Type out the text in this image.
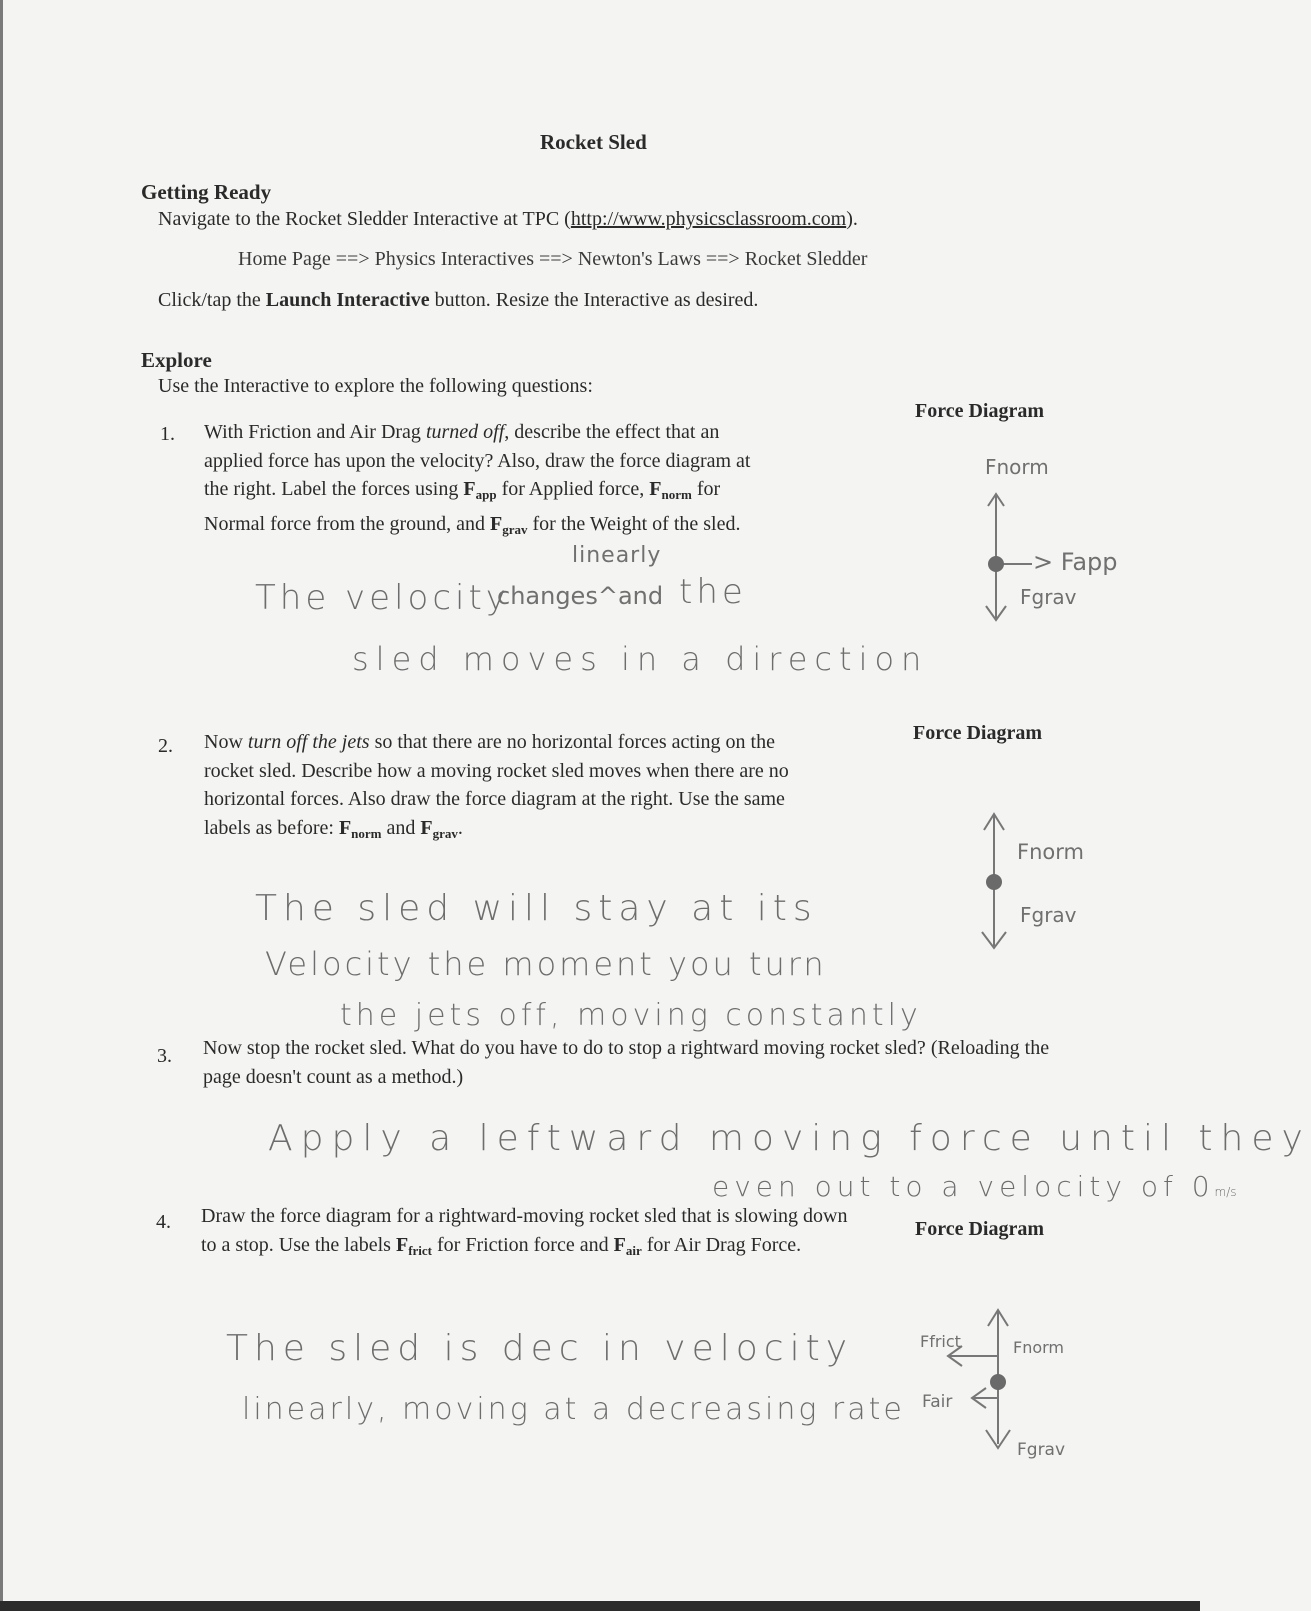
Rocket Sled
Getting Ready
Navigate to the Rocket Sledder Interactive at TPC (http://www.physicsclassroom.com).
Home Page ==> Physics Interactives ==> Newton's Laws ==> Rocket Sledder
Click/tap the Launch Interactive button. Resize the Interactive as desired.
Explore
Use the Interactive to explore the following questions:
1. With Friction and Air Drag turned off, describe the effect that an applied force has upon the velocity? Also, draw the force diagram at the right. Label the forces using $F_{app}$ for Applied force, $F_{norm}$ for Normal force from the ground, and $F_{grav}$ for the Weight of the sled.
Force Diagram
linearly
The velocity
changes^and the
sled moves in a direction
Fnorm
> Fapp
Fgrav
2. Now turn off the jets so that there are no horizontal forces acting on the rocket sled. Describe how a moving rocket sled moves when there are no horizontal forces. Also draw the force diagram at the right. Use the same labels as before: $F_{norm}$ and $F_{grav}$.
Force Diagram
The sled will stay at its
Velocity the moment you turn
the jets off, moving constantly
Fnorm
Fgrav
3. Now stop the rocket sled. What do you have to do to stop a rightward moving rocket sled? (Reloading the page doesn't count as a method.)
Apply a leftward moving force until they
even out to a velocity of 0m/s
4. Draw the force diagram for a rightward-moving rocket sled that is slowing down to a stop. Use the labels $F_{frict}$ for Friction force and $F_{air}$ for Air Drag Force.
Force Diagram
The sled is dec in velocity
linearly, moving at a decreasing rate
Ffrict	Fnorm
Fair
Fgrav
